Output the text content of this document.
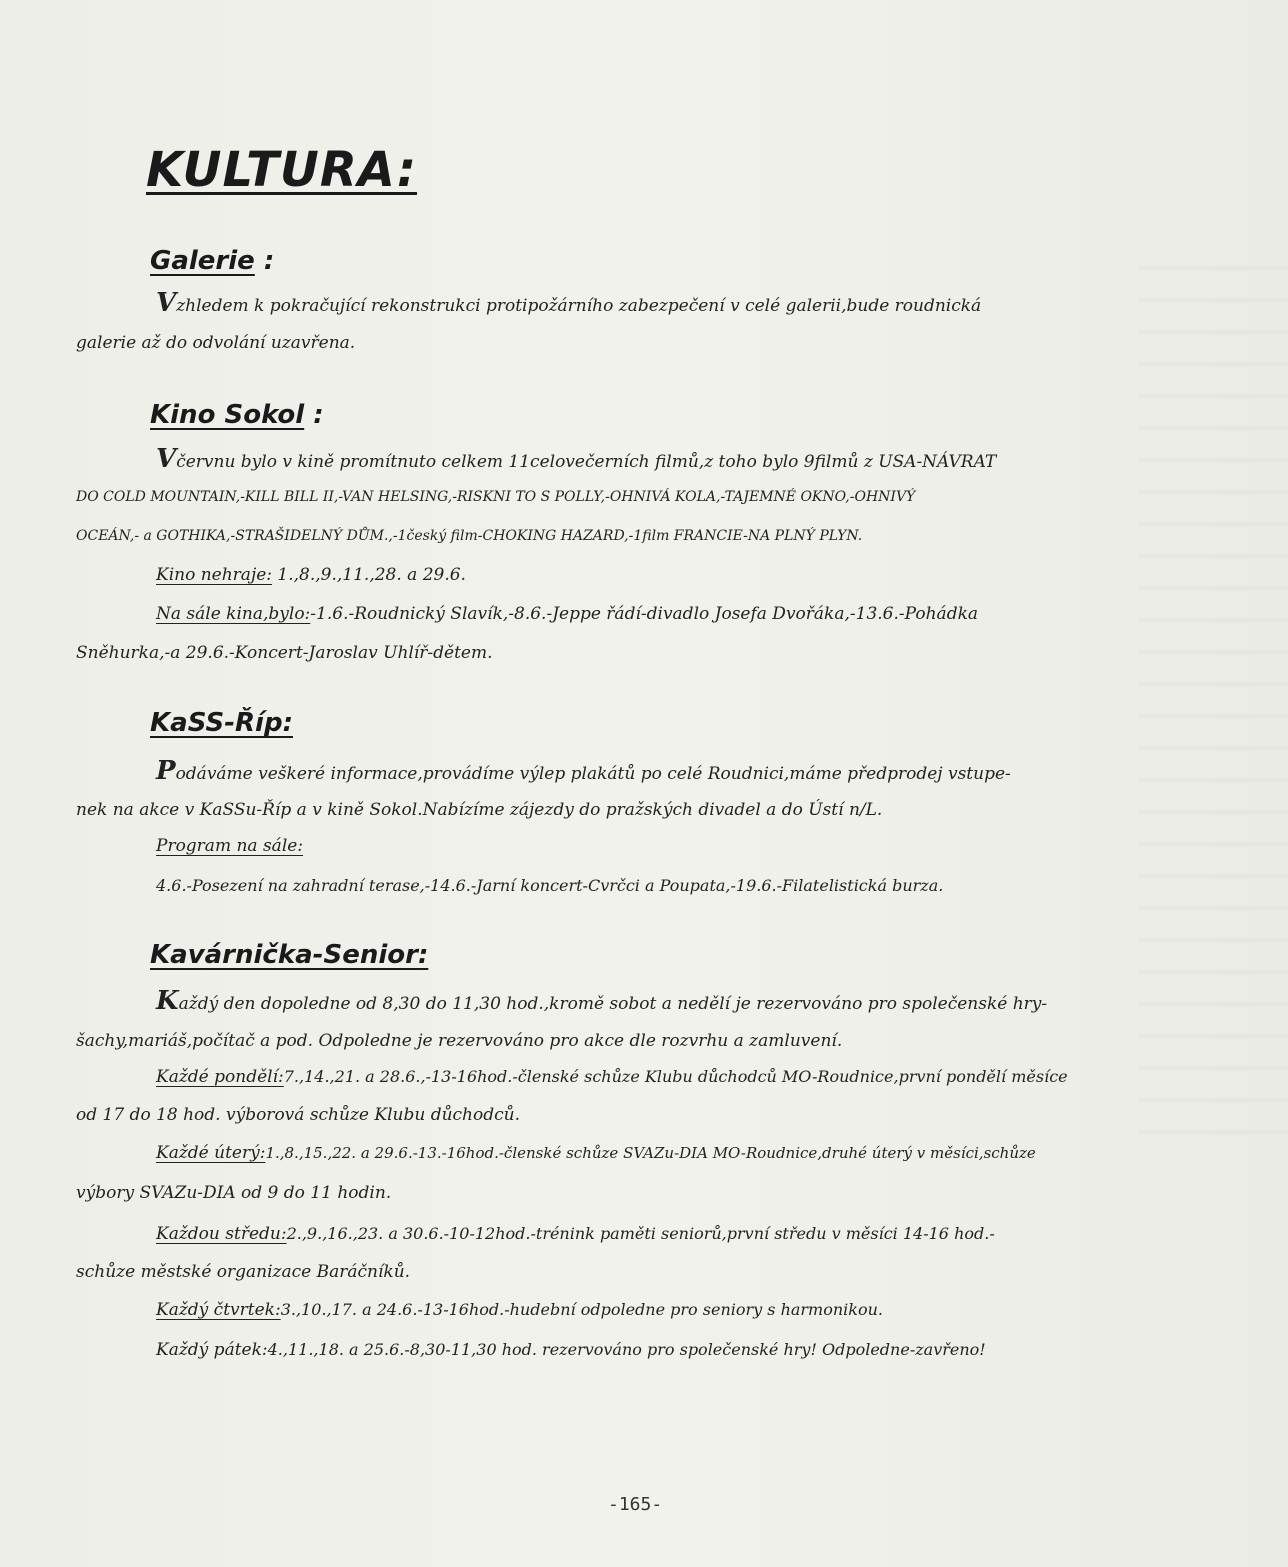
KULTURA:
Galerie :
Vzhledem k pokračující rekonstrukci protipožárního zabezpečení v celé galerii,bude roudnická
galerie až do odvolání uzavřena.
Kino Sokol :
Včervnu bylo v kině promítnuto celkem 11celovečerních filmů,z toho bylo 9filmů z USA-NÁVRAT
DO COLD MOUNTAIN,-KILL BILL II,-VAN HELSING,-RISKNI TO S POLLY,-OHNIVÁ KOLA,-TAJEMNÉ OKNO,-OHNIVÝ
OCEÁN,- a GOTHIKA,-STRAŠIDELNÝ DŮM.,-1český film-CHOKING HAZARD,-1film FRANCIE-NA PLNÝ PLYN.
Kino nehraje: 1.,8.,9.,11.,28. a 29.6.
Na sále kina,bylo:-1.6.-Roudnický Slavík,-8.6.-Jeppe řádí-divadlo Josefa Dvořáka,-13.6.-Pohádka
Sněhurka,-a 29.6.-Koncert-Jaroslav Uhlíř-dětem.
KaSS-Říp:
Podáváme veškeré informace,provádíme výlep plakátů po celé Roudnici,máme předprodej vstupe-
nek na akce v KaSSu-Říp a v kině Sokol.Nabízíme zájezdy do pražských divadel a do Ústí n/L.
Program na sále:
4.6.-Posezení na zahradní terase,-14.6.-Jarní koncert-Cvrčci a Poupata,-19.6.-Filatelistická burza.
Kavárnička-Senior:
Každý den dopoledne od 8,30 do 11,30 hod.,kromě sobot a nedělí je rezervováno pro společenské hry-
šachy,mariáš,počítač a pod. Odpoledne je rezervováno pro akce dle rozvrhu a zamluvení.
Každé pondělí:7.,14.,21. a 28.6.,-13-16hod.-členské schůze Klubu důchodců MO-Roudnice,první pondělí měsíce
od 17 do 18 hod. výborová schůze Klubu důchodců.
Každé úterý:1.,8.,15.,22. a 29.6.-13.-16hod.-členské schůze SVAZu-DIA MO-Roudnice,druhé úterý v měsíci,schůze
výbory SVAZu-DIA od 9 do 11 hodin.
Každou středu:2.,9.,16.,23. a 30.6.-10-12hod.-trénink paměti seniorů,první středu v měsíci 14-16 hod.-
schůze městské organizace Baráčníků.
Každý čtvrtek:3.,10.,17. a 24.6.-13-16hod.-hudební odpoledne pro seniory s harmonikou.
Každý pátek:4.,11.,18. a 25.6.-8,30-11,30 hod. rezervováno pro společenské hry! Odpoledne-zavřeno!
-165-
